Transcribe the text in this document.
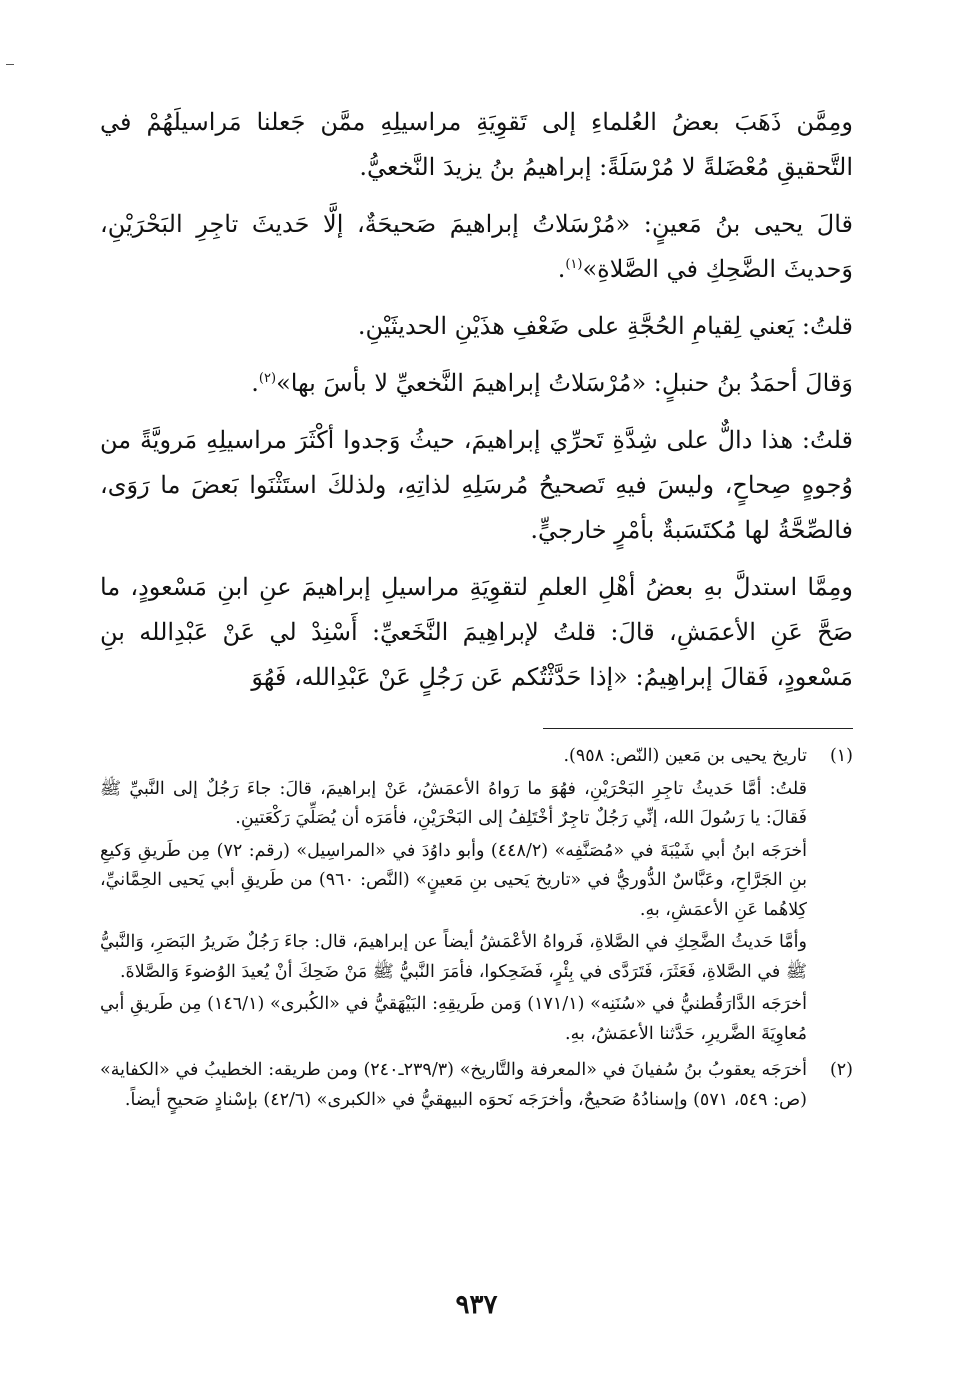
ومِمَّن ذَهَبَ بعضُ العُلماءِ إلى تَقوِيَةِ مراسيلِهِ ممَّن جَعلنا مَراسيلَهُمْ في التَّحقيقِ مُعْضَلةً لا مُرْسَلَةً: إبراهيمُ بنُ يزيدَ النَّخعيُّ.

قالَ يحيى بنُ مَعينٍ: «مُرْسَلاتُ إبراهيمَ صَحيحَةٌ، إلَّا حَديثَ تاجِرِ البَحْرَيْنِ، وَحديثَ الضَّحِكِ في الصَّلاةِ»$^{(١)}$.

قلتُ: يَعني لِقيامِ الحُجَّةِ على ضَعْفِ هذَيْنِ الحديثَيْنِ.

وَقالَ أحمَدُ بنُ حنبلٍ: «مُرْسَلاتُ إبراهيمَ النَّخعيِّ لا بأسَ بها»$^{(٢)}$.

قلتُ: هذا دالٌّ على شِدَّةِ تَحرِّي إبراهيمَ، حيثُ وَجدوا أكْثَرَ مراسيلِهِ مَرويَّةً من وُجوهٍ صِحاحٍ، وليسَ فيهِ تَصحيحُ مُرسَلِهِ لذاتِهِ، ولذلكَ استَثْنَوا بَعضَ ما رَوَى، فالصِّحَّةُ لها مُكتَسَبةٌ بأمْرٍ خارجيٍّ.

ومِمَّا استدلَّ بهِ بعضُ أهْلِ العلمِ لتقوِيَةِ مراسيلِ إبراهيمَ عنِ ابنِ مَسْعودٍ، ما صَحَّ عَنِ الأعمَشِ، قالَ: قلتُ لإبراهِيمَ النَّخَعيِّ: أَسْنِدْ لي عَنْ عَبْدِالله بنِ مَسْعودٍ، فَقالَ إبراهِيمُ: «إذا حَدَّثْتُكم عَن رَجُلٍ عَنْ عَبْدِالله، فَهُوَ

(١)

تاريخ يحيى بن مَعين (النّص: ٩٥٨).

قلتُ: أمَّا حَديثُ تاجِرِ البَحْرَيْنِ، فهُوَ ما رَواهُ الأعمَشُ، عَنْ إبراهيمَ، قالَ: جاءَ رَجُلٌ إلى النَّبيِّ ﷺ فَقالَ: يا رَسُولَ الله، إنِّي رَجُلٌ تاجِرٌ أخْتَلِفُ إلى البَحْرَيْنِ، فأمَرَه أن يُصَلِّيَ رَكْعَتينِ.

أخرَجَه ابنُ أبي شَيْبَةَ في «مُصَنَّفِه» (٤٤٨/٢) وأبو داوُدَ في «المراسِيل» (رقم: ٧٢) مِن طَريقِ وَكيعِ بنِ الجَرَّاحِ، وعَبَّاسٌ الدُّوريُّ في «تاريخ يَحيى بنِ مَعينٍ» (النَّص: ٩٦٠) من طَريقِ أبي يَحيى الحِمَّانيِّ، كِلاهُما عَنِ الأعمَشِ، بهِ.

وأمَّا حَديثُ الضَّحِكِ في الصَّلاةِ، فَرواهُ الأعْمَشُ أيضاً عن إبراهيمَ، قال: جاءَ رَجُلٌ ضَريرُ البَصَرِ، وَالنَّبيُّ ﷺ في الصَّلاةِ، فَعَثَرَ، فَتَرَدَّى في بِئْرٍ، فَضَحِكوا، فأمَرَ النَّبيُّ ﷺ مَنْ ضَحِكَ أنْ يُعيدَ الوُضوءَ وَالصَّلاةَ.

أخرَجَه الدَّارَقُطنيُّ في «سُنَنِه» (١٧١/١) وَمن طَريقِهِ: البَيْهَقيُّ في «الكُبرى» (١٤٦/١) مِن طَريقِ أبي مُعاوِيَةَ الضَّريرِ، حَدَّثنا الأعمَشُ، بهِ.

(٢)

أخرَجَه يعقوبُ بنُ سُفيانَ في «المعرفة والتَّاريخ» (٢٣٩/٣ـ٢٤٠) ومن طريقه: الخطيبُ في «الكفاية» (ص: ٥٤٩، ٥٧١) وإسنادُهُ صَحيحٌ، وأخرَجَه نَحوَه البيهقيُّ في «الكبرى» (٤٢/٦) بإسْنادٍ صَحيحٍ أيضاً.

٩٣٧
